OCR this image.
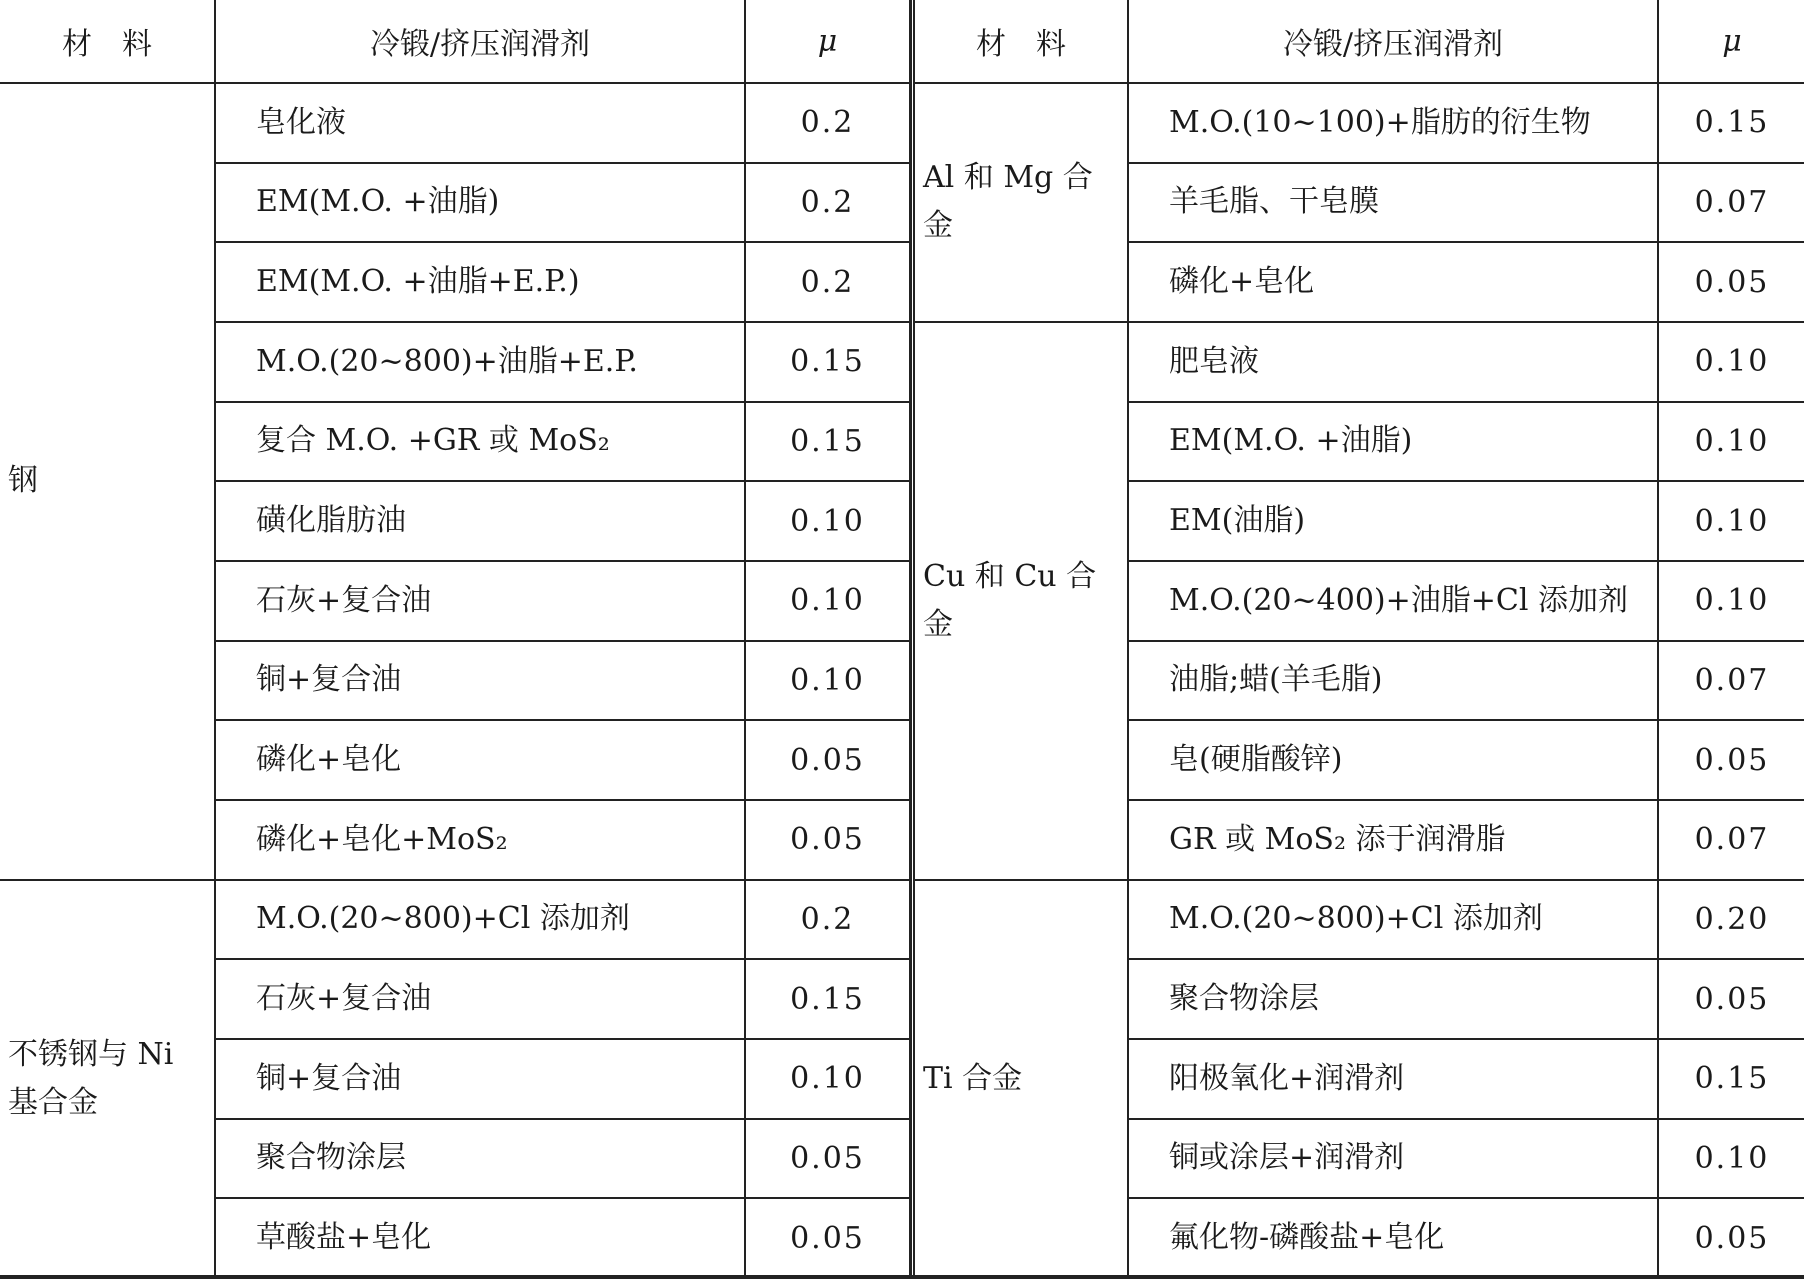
材　料	冷锻/挤压润滑剂	μ
钢	皂化液	0.2
	EM(M.O. +油脂)	0.2
	EM(M.O. +油脂+E.P.)	0.2
	M.O.(20~800)+油脂+E.P.	0.15
	复合 M.O. +GR 或 MoS₂	0.15
	磺化脂肪油	0.10
	石灰+复合油	0.10
	铜+复合油	0.10
	磷化+皂化	0.05
	磷化+皂化+MoS₂	0.05
不锈钢与 Ni 基合金	M.O.(20~800)+Cl 添加剂	0.2
	石灰+复合油	0.15
	铜+复合油	0.10
	聚合物涂层	0.05
	草酸盐+皂化	0.05
材　料	冷锻/挤压润滑剂	μ
Al 和 Mg 合金	M.O.(10~100)+脂肪的衍生物	0.15
	羊毛脂、干皂膜	0.07
	磷化+皂化	0.05
Cu 和 Cu 合金	肥皂液	0.10
	EM(M.O. +油脂)	0.10
	EM(油脂)	0.10
	M.O.(20~400)+油脂+Cl 添加剂	0.10
	油脂;蜡(羊毛脂)	0.07
	皂(硬脂酸锌)	0.05
	GR 或 MoS₂ 添于润滑脂	0.07
Ti 合金	M.O.(20~800)+Cl 添加剂	0.20
	聚合物涂层	0.05
	阳极氧化+润滑剂	0.15
	铜或涂层+润滑剂	0.10
	氟化物-磷酸盐+皂化	0.05
